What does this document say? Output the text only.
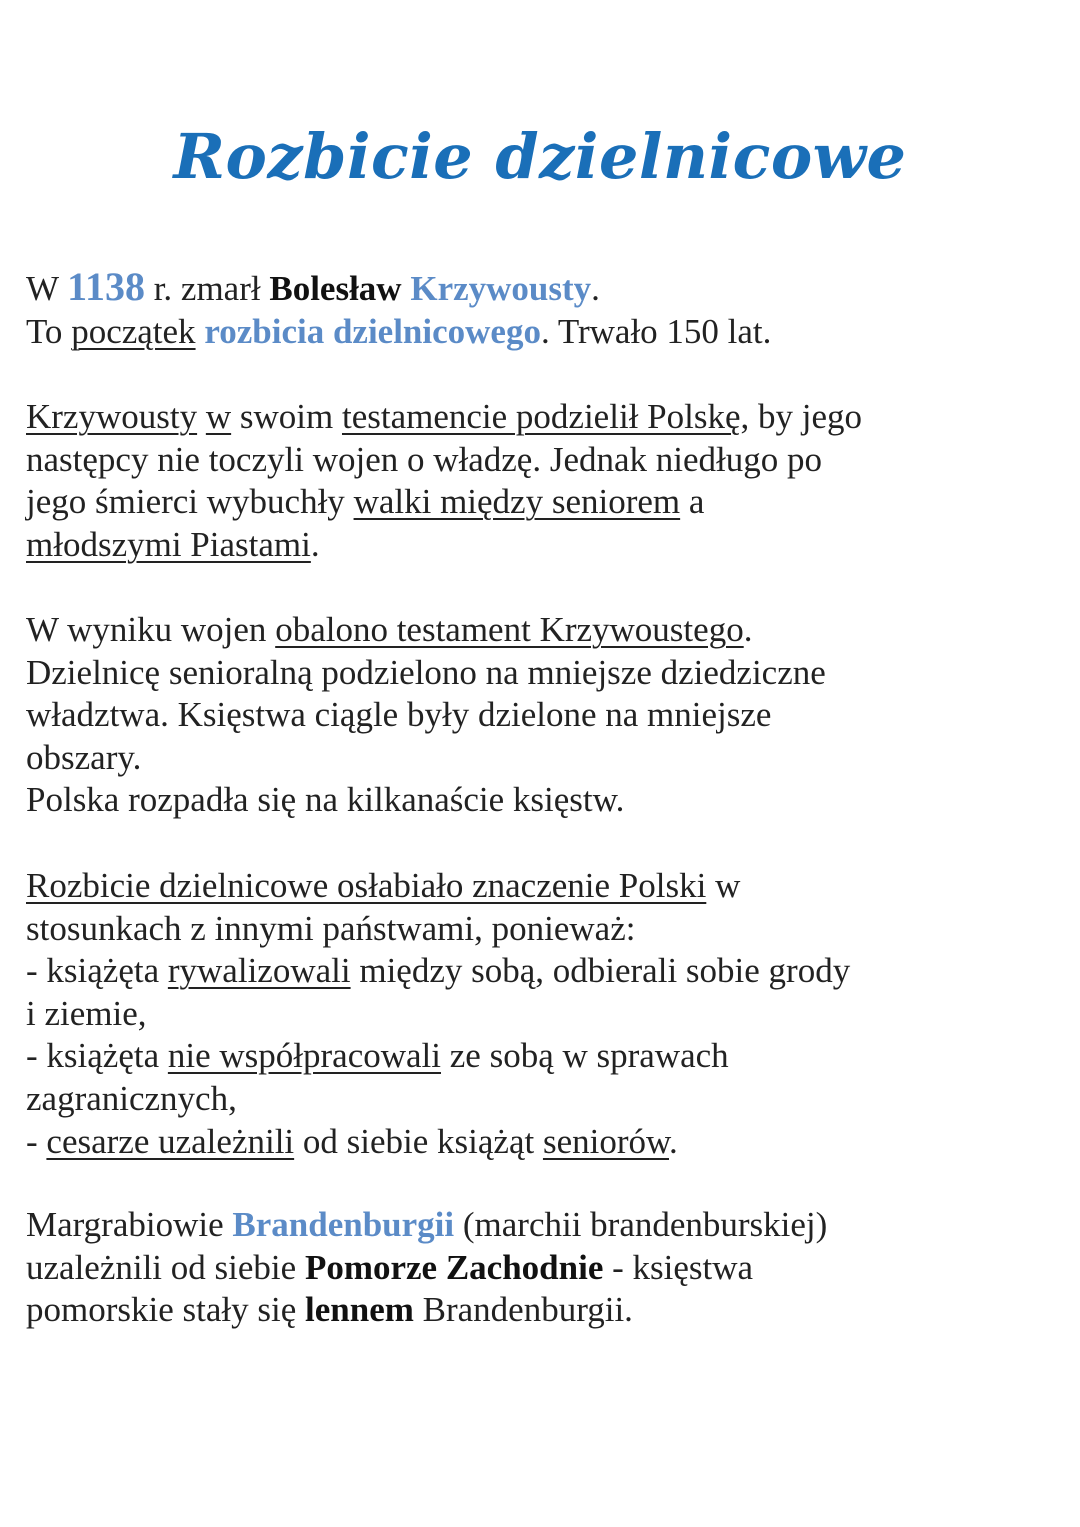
Rozbicie dzielnicowe

W 1138 r. zmarł Bolesław Krzywousty.
To początek rozbicia dzielnicowego. Trwało 150 lat.

Krzywousty w swoim testamencie podzielił Polskę, by jego
następcy nie toczyli wojen o władzę. Jednak niedługo po
jego śmierci wybuchły walki między seniorem a
młodszymi Piastami.

W wyniku wojen obalono testament Krzywoustego.
Dzielnicę senioralną podzielono na mniejsze dziedziczne
władztwa. Księstwa ciągle były dzielone na mniejsze
obszary.
Polska rozpadła się na kilkanaście księstw.

Rozbicie dzielnicowe osłabiało znaczenie Polski w
stosunkach z innymi państwami, ponieważ:
- książęta rywalizowali między sobą, odbierali sobie grody
i ziemie,
- książęta nie współpracowali ze sobą w sprawach
zagranicznych,
- cesarze uzależnili od siebie książąt seniorów.

Margrabiowie Brandenburgii (marchii brandenburskiej)
uzależnili od siebie Pomorze Zachodnie - księstwa
pomorskie stały się lennem Brandenburgii.
